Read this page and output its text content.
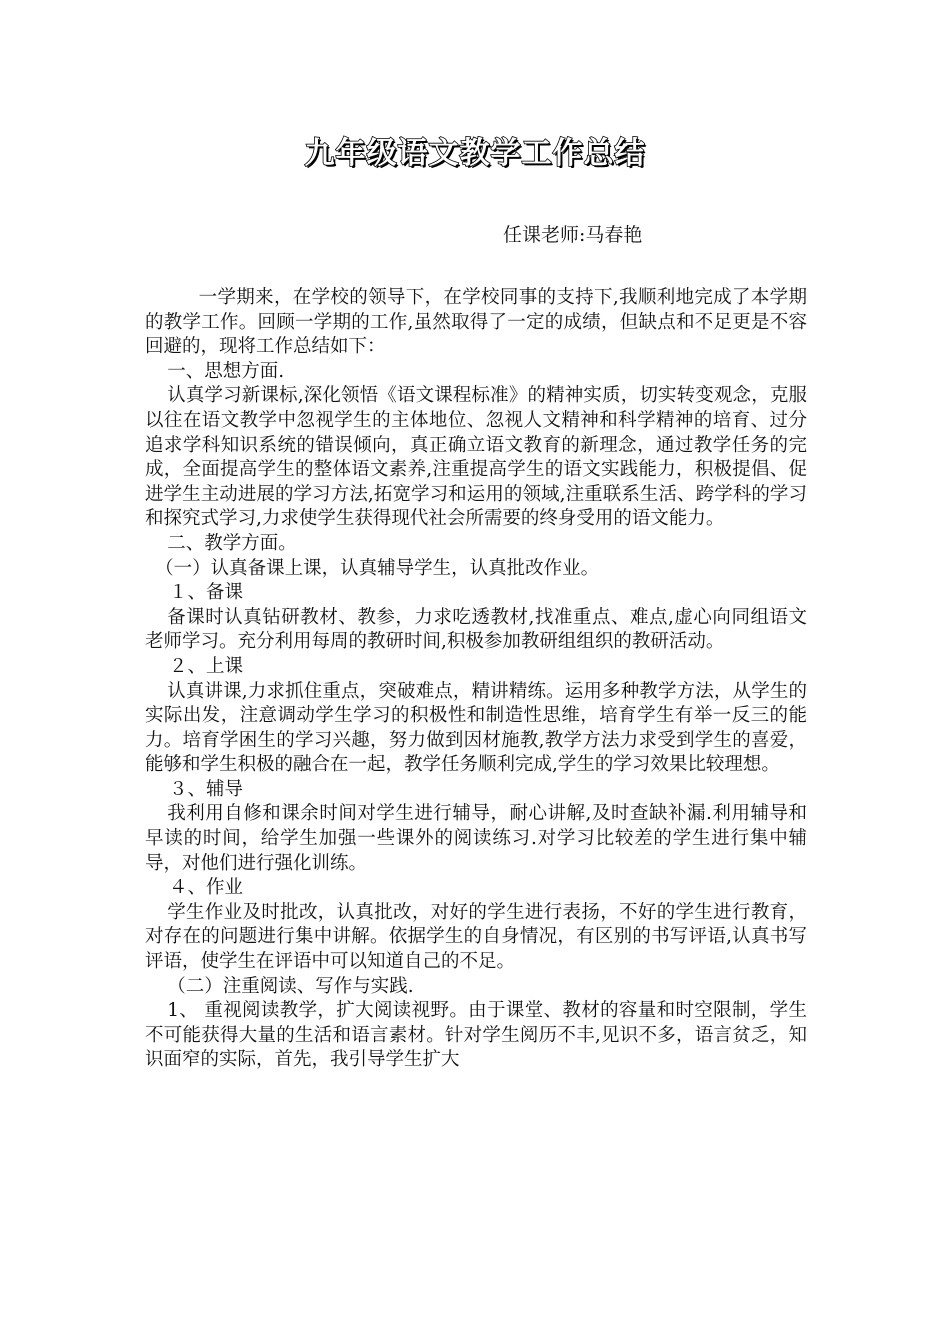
九年级语文教学工作总结
任课老师:马春艳

一学期来，在学校的领导下，在学校同事的支持下,我顺利地完成了本学期的教学工作。回顾一学期的工作,虽然取得了一定的成绩，但缺点和不足更是不容回避的，现将工作总结如下：

一、思想方面.

认真学习新课标,深化领悟《语文课程标准》的精神实质，切实转变观念，克服以往在语文教学中忽视学生的主体地位、忽视人文精神和科学精神的培育、过分追求学科知识系统的错误倾向，真正确立语文教育的新理念，通过教学任务的完成，全面提高学生的整体语文素养,注重提高学生的语文实践能力，积极提倡、促进学生主动进展的学习方法,拓宽学习和运用的领域,注重联系生活、跨学科的学习和探究式学习,力求使学生获得现代社会所需要的终身受用的语文能力。

二、教学方面。

（一）认真备课上课，认真辅导学生，认真批改作业。

１、备课

备课时认真钻研教材、教参，力求吃透教材,找准重点、难点,虚心向同组语文老师学习。充分利用每周的教研时间,积极参加教研组组织的教研活动。

２、上课

认真讲课,力求抓住重点，突破难点，精讲精练。运用多种教学方法，从学生的实际出发，注意调动学生学习的积极性和制造性思维，培育学生有举一反三的能力。培育学困生的学习兴趣，努力做到因材施教,教学方法力求受到学生的喜爱，能够和学生积极的融合在一起，教学任务顺利完成,学生的学习效果比较理想。

３、辅导

我利用自修和课余时间对学生进行辅导，耐心讲解,及时查缺补漏.利用辅导和早读的时间，给学生加强一些课外的阅读练习.对学习比较差的学生进行集中辅导，对他们进行强化训练。

４、作业

学生作业及时批改，认真批改，对好的学生进行表扬，不好的学生进行教育，对存在的问题进行集中讲解。依据学生的自身情况，有区别的书写评语,认真书写评语，使学生在评语中可以知道自己的不足。

（二）注重阅读、写作与实践.

1、 重视阅读教学，扩大阅读视野。由于课堂、教材的容量和时空限制，学生不可能获得大量的生活和语言素材。针对学生阅历不丰,见识不多，语言贫乏，知识面窄的实际，首先，我引导学生扩大
